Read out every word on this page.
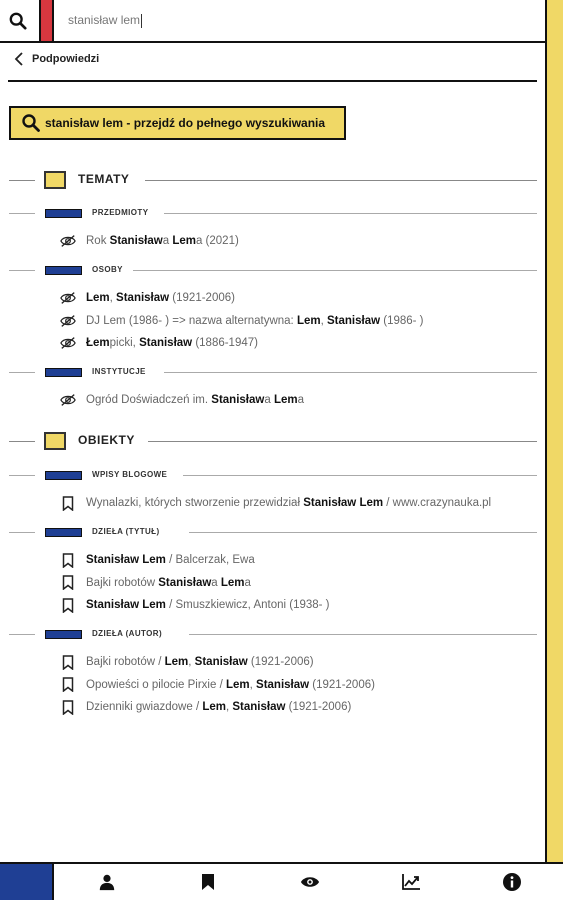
stanisław lem
Podpowiedzi
stanisław lem - przejdź do pełnego wyszukiwania
TEMATY
PRZEDMIOTY
Rok Stanisława Lema (2021)
OSOBY
Lem, Stanisław (1921-2006)
DJ Lem (1986- ) => nazwa alternatywna: Lem, Stanisław (1986- )
Łempicki, Stanisław (1886-1947)
INSTYTUCJE
Ogród Doświadczeń im. Stanisława Lema
OBIEKTY
WPISY BLOGOWE
Wynalazki, których stworzenie przewidział Stanisław Lem / www.crazynauka.pl
DZIEŁA (TYTUŁ)
Stanisław Lem / Balcerzak, Ewa
Bajki robotów Stanisława Lema
Stanisław Lem / Smuszkiewicz, Antoni (1938- )
DZIEŁA (AUTOR)
Bajki robotów / Lem, Stanisław (1921-2006)
Opowieści o pilocie Pirxie / Lem, Stanisław (1921-2006)
Dzienniki gwiazdowe / Lem, Stanisław (1921-2006)
